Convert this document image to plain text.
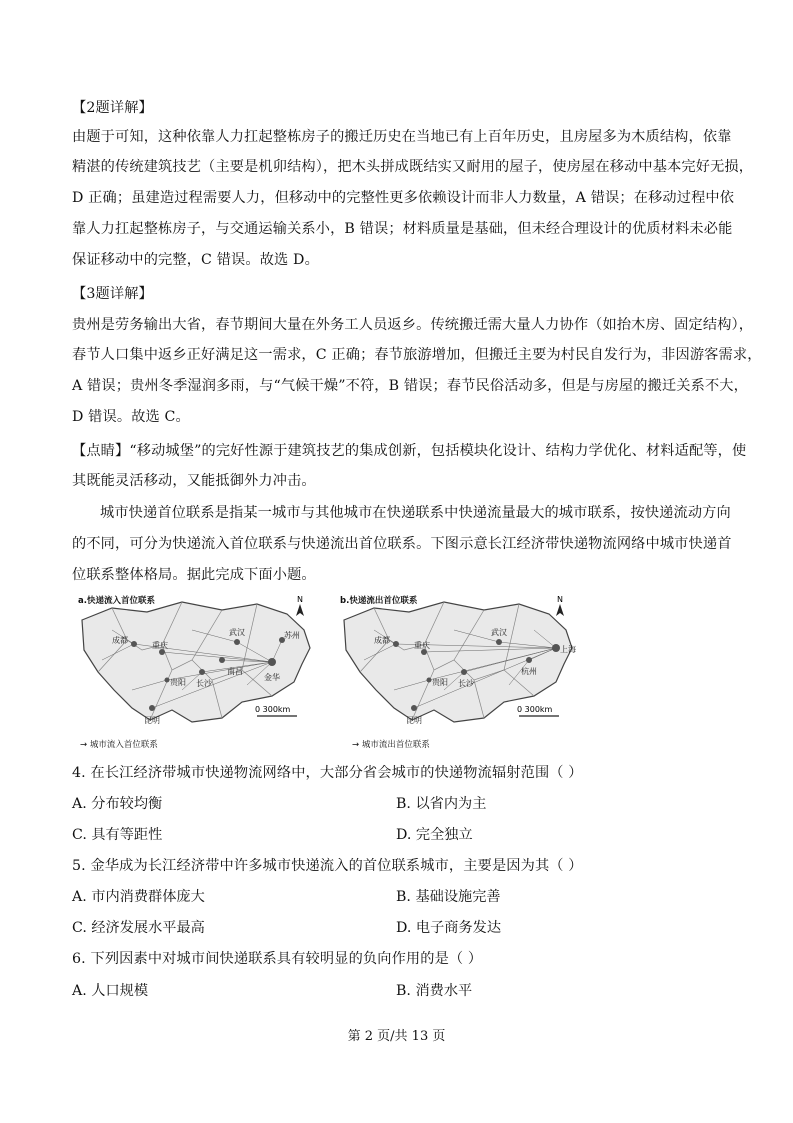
【2题详解】
由题于可知，这种依靠人力扛起整栋房子的搬迁历史在当地已有上百年历史，且房屋多为木质结构，依靠
精湛的传统建筑技艺（主要是机卯结构），把木头拼成既结实又耐用的屋子，使房屋在移动中基本完好无损，
D 正确；虽建造过程需要人力，但移动中的完整性更多依赖设计而非人力数量，A 错误；在移动过程中依
靠人力扛起整栋房子，与交通运输关系小，B 错误；材料质量是基础，但未经合理设计的优质材料未必能
保证移动中的完整，C 错误。故选 D。
【3题详解】
贵州是劳务输出大省，春节期间大量在外务工人员返乡。传统搬迁需大量人力协作（如抬木房、固定结构），
春节人口集中返乡正好满足这一需求，C 正确；春节旅游增加，但搬迁主要为村民自发行为，非因游客需求，
A 错误；贵州冬季湿润多雨，与“气候干燥”不符，B 错误；春节民俗活动多，但是与房屋的搬迁关系不大，
D 错误。故选 C。
【点睛】“移动城堡”的完好性源于建筑技艺的集成创新，包括模块化设计、结构力学优化、材料适配等，使
其既能灵活移动，又能抵御外力冲击。
城市快递首位联系是指某一城市与其他城市在快递联系中快递流量最大的城市联系，按快递流动方向
的不同，可分为快递流入首位联系与快递流出首位联系。下图示意长江经济带快递物流网络中城市快递首
位联系整体格局。据此完成下面小题。
成都
重庆
贵阳
昆明
长沙
南昌
武汉
金华
苏州
N
0 300km
a.快递流入首位联系
→ 城市流入首位联系
成都
重庆
贵阳
昆明
长沙
武汉
杭州
上海
N
0 300km
b.快递流出首位联系
→ 城市流出首位联系
4. 在长江经济带城市快递物流网络中，大部分省会城市的快递物流辐射范围（ ）
A. 分布较均衡	B. 以省内为主
C. 具有等距性	D. 完全独立
5. 金华成为长江经济带中许多城市快递流入的首位联系城市，主要是因为其（ ）
A. 市内消费群体庞大	B. 基础设施完善
C. 经济发展水平最高	D. 电子商务发达
6. 下列因素中对城市间快递联系具有较明显的负向作用的是（ ）
A. 人口规模	B. 消费水平
第 2 页/共 13 页
